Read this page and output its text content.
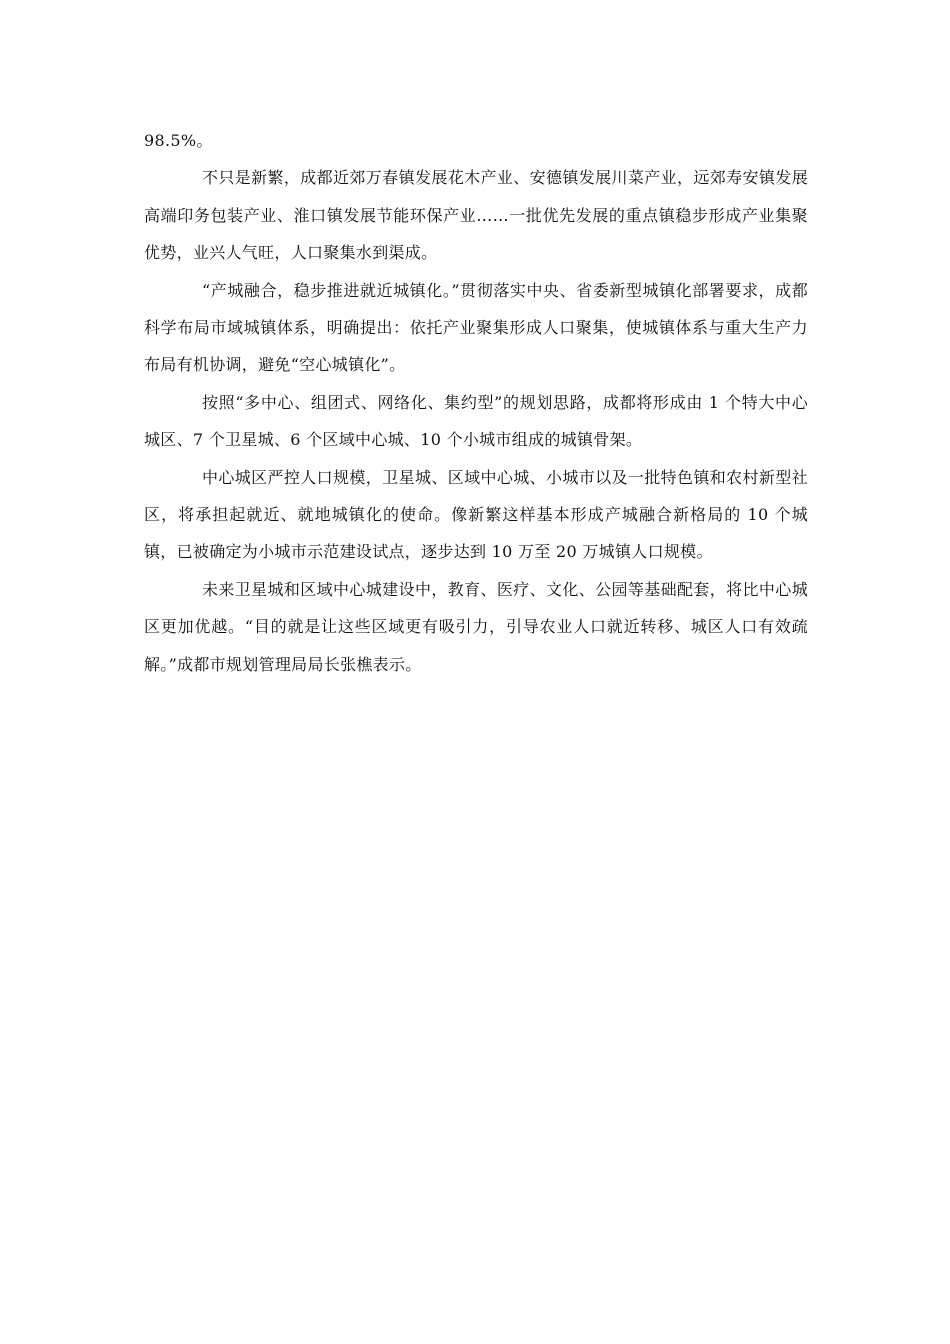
98.5%。

不只是新繁，成都近郊万春镇发展花木产业、安德镇发展川菜产业，远郊寿安镇发展高端印务包装产业、淮口镇发展节能环保产业……一批优先发展的重点镇稳步形成产业集聚优势，业兴人气旺，人口聚集水到渠成。

“产城融合，稳步推进就近城镇化。”贯彻落实中央、省委新型城镇化部署要求，成都科学布局市域城镇体系，明确提出：依托产业聚集形成人口聚集，使城镇体系与重大生产力布局有机协调，避免“空心城镇化”。

按照“多中心、组团式、网络化、集约型”的规划思路，成都将形成由 1 个特大中心城区、7 个卫星城、6 个区域中心城、10 个小城市组成的城镇骨架。

中心城区严控人口规模，卫星城、区域中心城、小城市以及一批特色镇和农村新型社区，将承担起就近、就地城镇化的使命。像新繁这样基本形成产城融合新格局的 10 个城镇，已被确定为小城市示范建设试点，逐步达到 10 万至 20 万城镇人口规模。

未来卫星城和区域中心城建设中，教育、医疗、文化、公园等基础配套，将比中心城区更加优越。“目的就是让这些区域更有吸引力，引导农业人口就近转移、城区人口有效疏解。”成都市规划管理局局长张樵表示。
